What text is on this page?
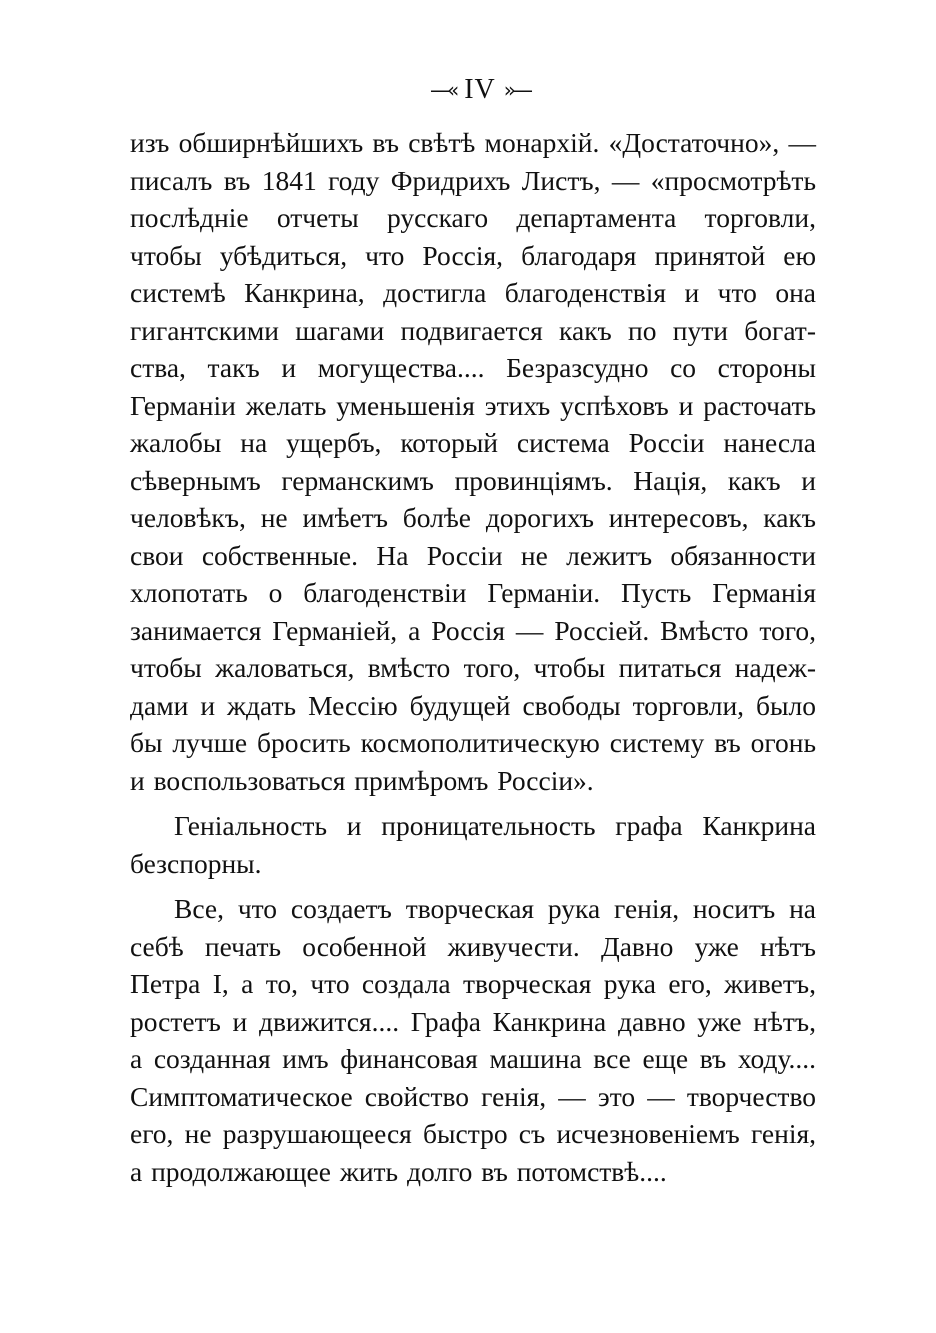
—« IV »—

изъ обширнѣйшихъ въ свѣтѣ монархій. «Достаточно», — писалъ въ 1841 году Фридрихъ Листъ, — «просмотрѣть послѣдніе отчеты русскаго департамента торговли, чтобы убѣдиться, что Россія, благодаря принятой ею системѣ Канкрина, достигла благоденствія и что она гигантскими шагами подвигается какъ по пути богатства, такъ и могущества.... Безразсудно со стороны Германіи желать уменьшенія этихъ успѣховъ и расточать жалобы на ущербъ, который система Россіи нанесла сѣвернымъ германскимъ провинціямъ. Нація, какъ и человѣкъ, не имѣетъ болѣе дорогихъ интересовъ, какъ свои собственные. На Россіи не лежитъ обязанности хлопотать о благоденствіи Германіи. Пусть Германія занимается Германіей, а Россія — Россіей. Вмѣсто того, чтобы жаловаться, вмѣсто того, чтобы питаться надеждами и ждать Мессію будущей свободы торговли, было бы лучше бросить космополитическую систему въ огонь и воспользоваться примѣромъ Россіи».

Геніальность и проницательность графа Канкрина безспорны.

Все, что создаетъ творческая рука генія, носитъ на себѣ печать особенной живучести. Давно уже нѣтъ Петра I, а то, что создала творческая рука его, живетъ, ростетъ и движится.... Графа Канкрина давно уже нѣтъ, а созданная имъ финансовая машина все еще въ ходу.... Симптоматическое свойство генія, — это — творчество его, не разрушающееся быстро съ исчезновеніемъ генія, а продолжающее жить долго въ потомствѣ....
